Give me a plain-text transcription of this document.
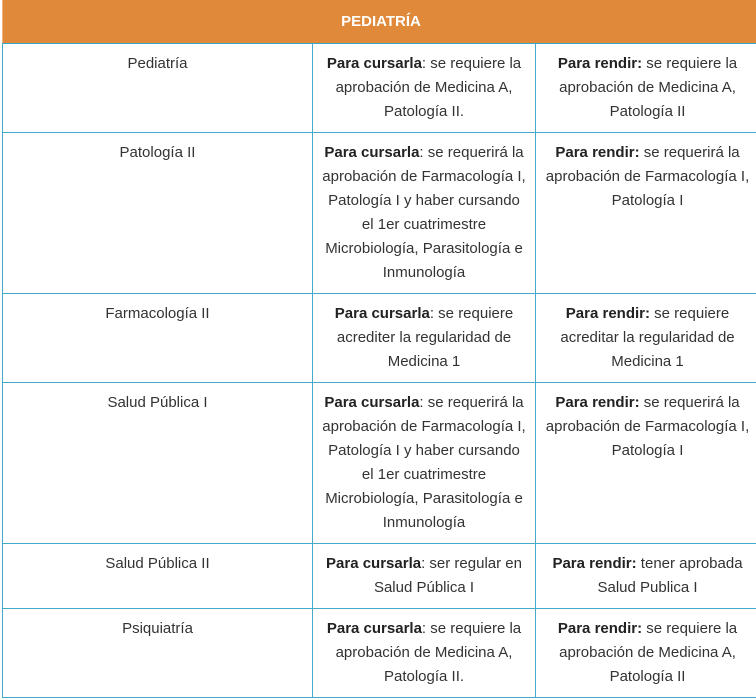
PEDIATRÍA		
Pediatría	Para cursarla: se requiere la aprobación de Medicina A, Patología II.	Para rendir: se requiere la aprobación de Medicina A, Patología II
Patología II	Para cursarla: se requerirá la aprobación de Farmacología I, Patología I y haber cursando el 1er cuatrimestre Microbiología, Parasitología e Inmunología	Para rendir: se requerirá la aprobación de Farmacología I, Patología I
Farmacología II	Para cursarla: se requiere acrediter la regularidad de Medicina 1	Para rendir: se requiere acreditar la regularidad de Medicina 1
Salud Pública I	Para cursarla: se requerirá la aprobación de Farmacología I, Patología I y haber cursando el 1er cuatrimestre Microbiología, Parasitología e Inmunología	Para rendir: se requerirá la aprobación de Farmacología I, Patología I
Salud Pública II	Para cursarla: ser regular en Salud Pública I	Para rendir: tener aprobada Salud Publica I
Psiquiatría	Para cursarla: se requiere la aprobación de Medicina A, Patología II.	Para rendir: se requiere la aprobación de Medicina A, Patología II
